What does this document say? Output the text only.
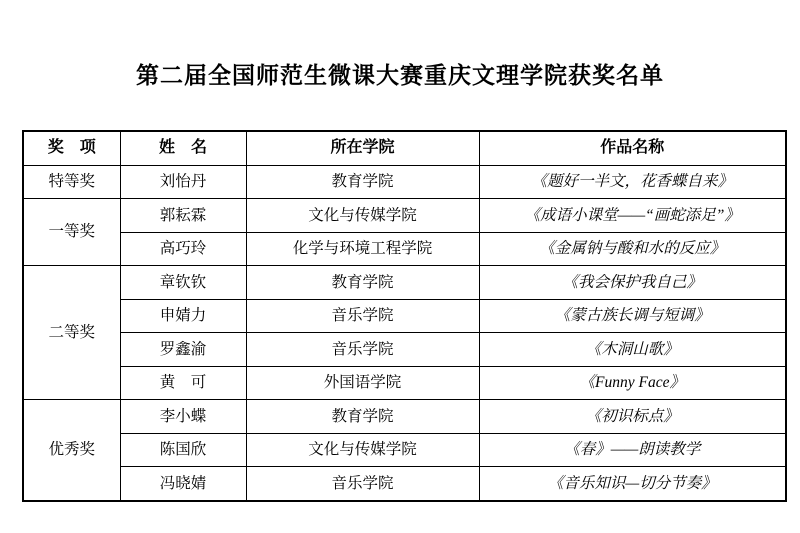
第二届全国师范生微课大赛重庆文理学院获奖名单
奖　项	姓　名	所在学院	作品名称
特等奖	刘怡丹	教育学院	《题好一半文，花香蝶自来》
一等奖	郭耘霖	文化与传媒学院	《成语小课堂——“画蛇添足”》
	高巧玲	化学与环境工程学院	《金属钠与酸和水的反应》
二等奖	章钦钦	教育学院	《我会保护我自己》
	申婧力	音乐学院	《蒙古族长调与短调》
	罗鑫渝	音乐学院	《木洞山歌》
	黄　可	外国语学院	《Funny Face》
优秀奖	李小蝶	教育学院	《初识标点》
	陈国欣	文化与传媒学院	《春》——朗读教学
	冯晓婧	音乐学院	《音乐知识—切分节奏》
